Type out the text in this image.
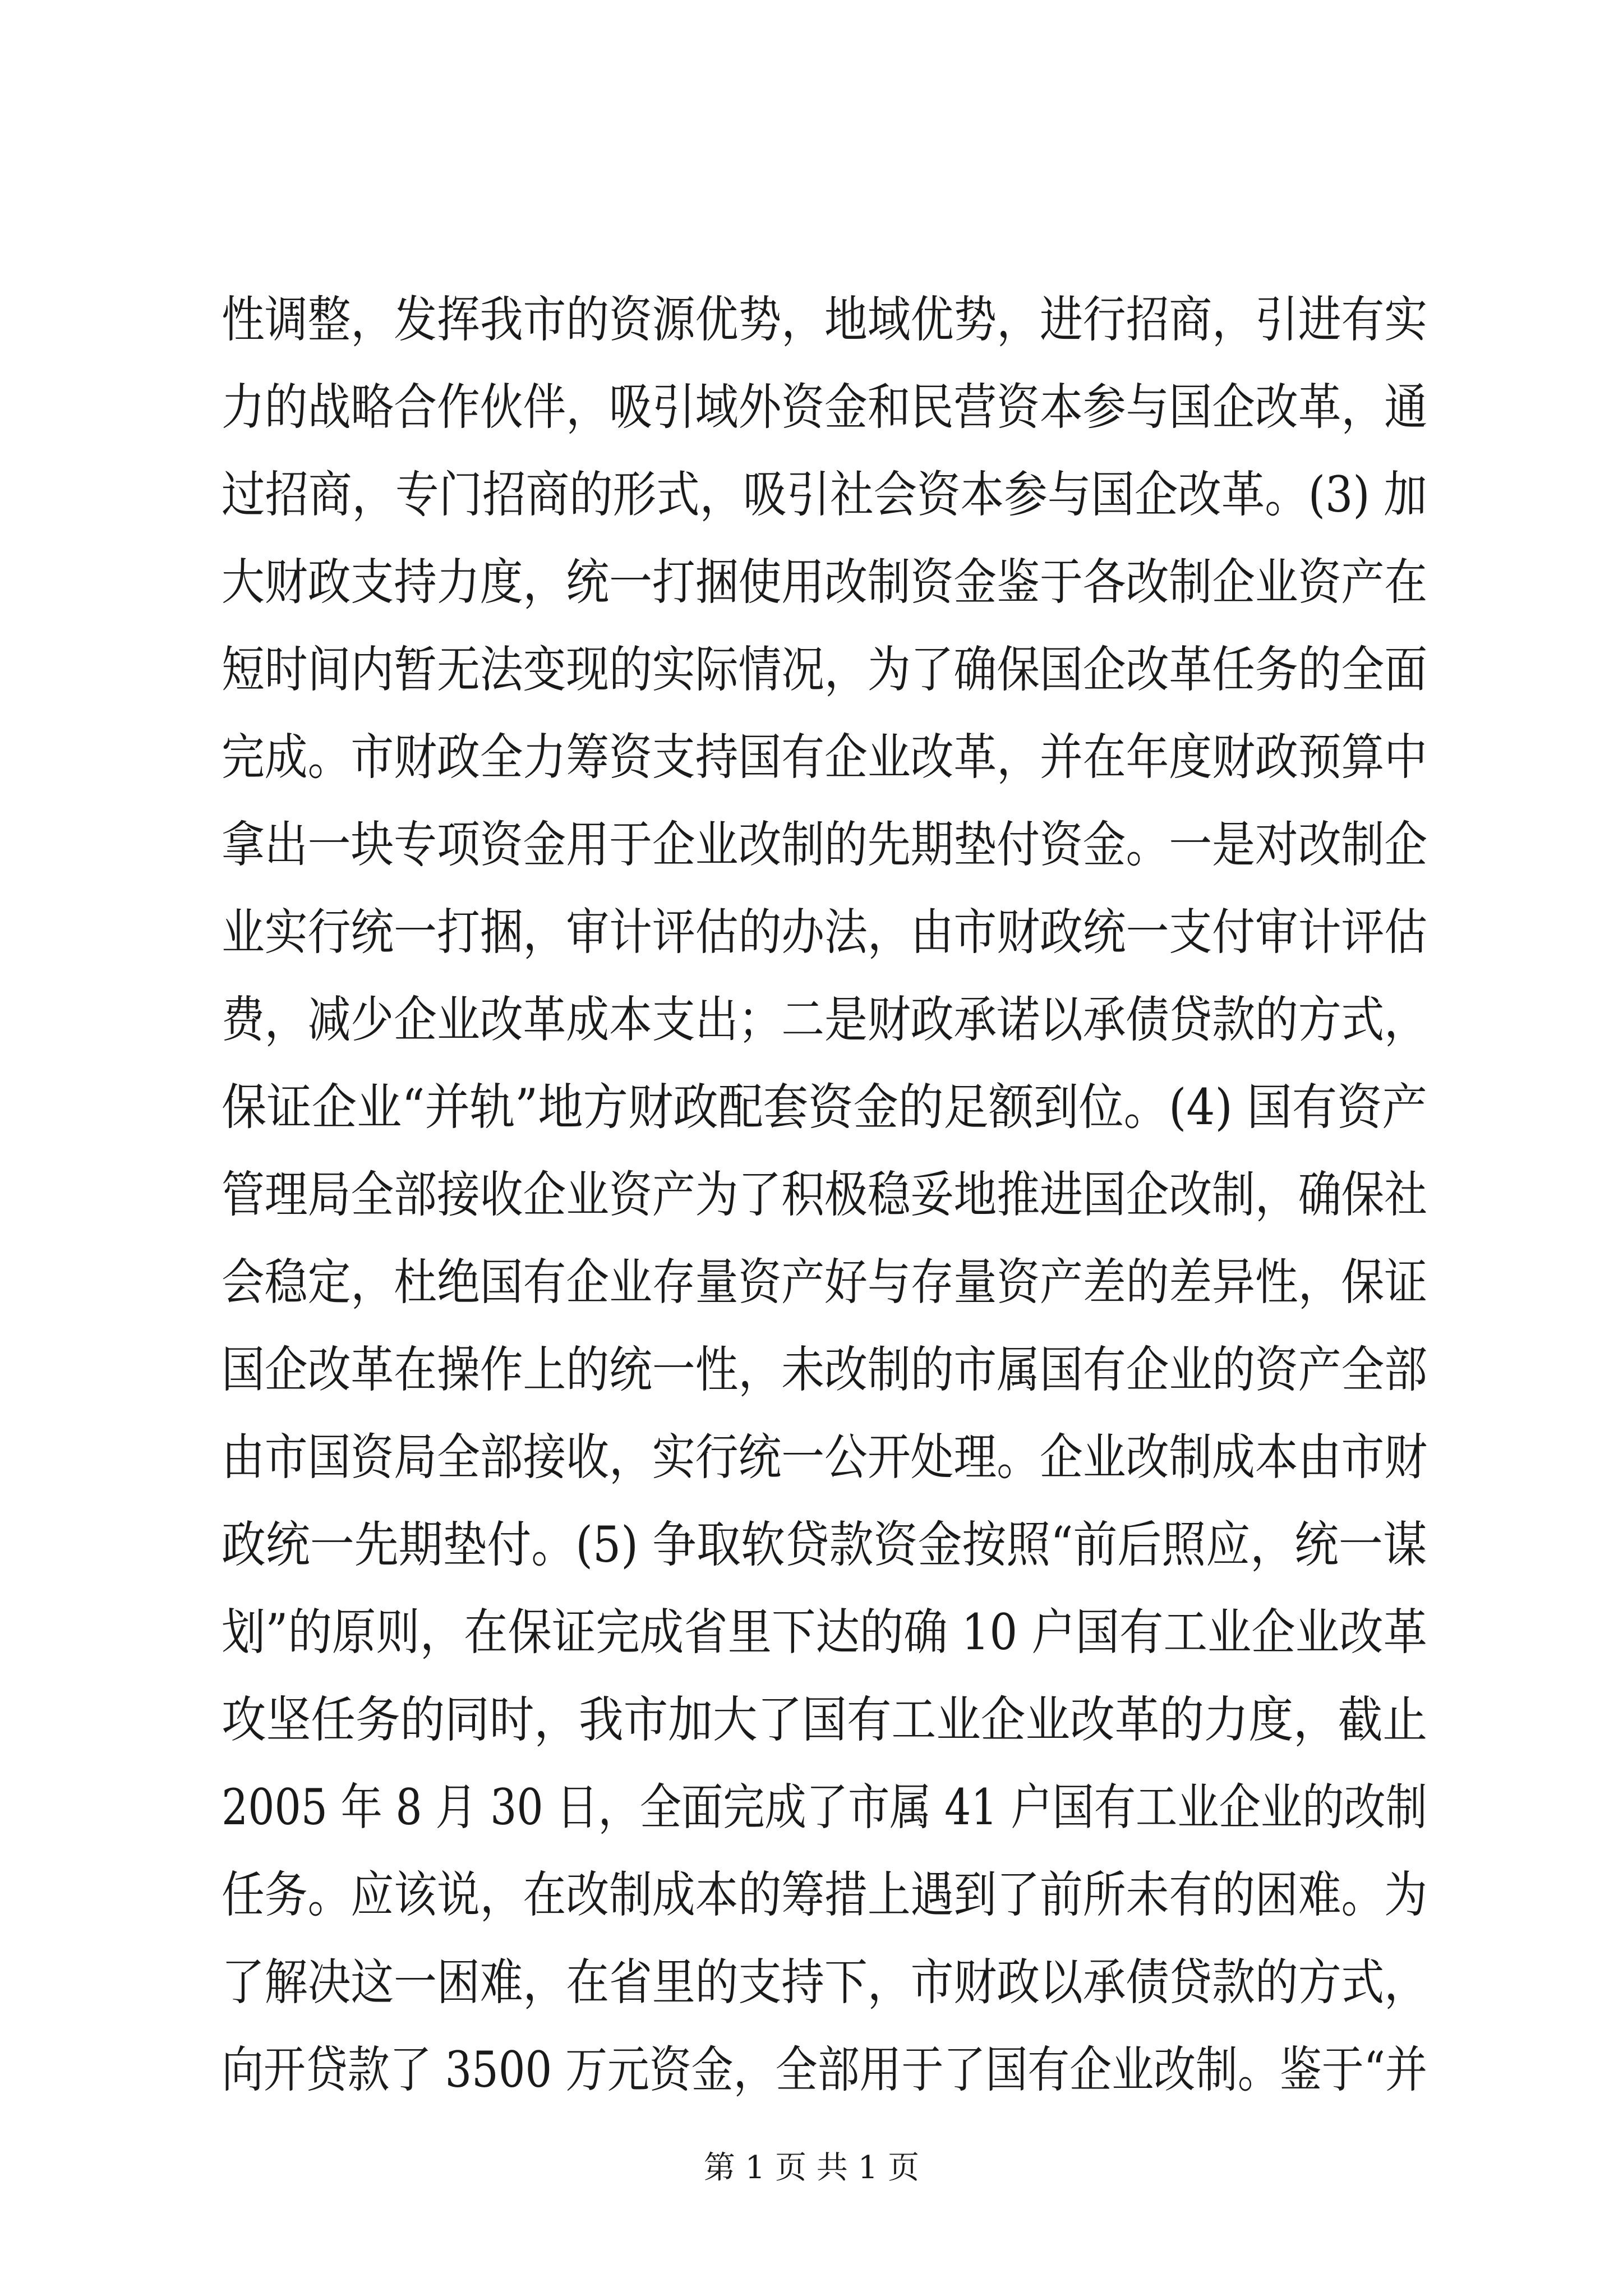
性调整，发挥我市的资源优势，地域优势，进行招商，引进有实
力的战略合作伙伴，吸引域外资金和民营资本参与国企改革，通
过招商，专门招商的形式，吸引社会资本参与国企改革。(3) 加
大财政支持力度，统一打捆使用改制资金鉴于各改制企业资产在
短时间内暂无法变现的实际情况，为了确保国企改革任务的全面
完成。市财政全力筹资支持国有企业改革，并在年度财政预算中
拿出一块专项资金用于企业改制的先期垫付资金。一是对改制企
业实行统一打捆，审计评估的办法，由市财政统一支付审计评估
费，减少企业改革成本支出；二是财政承诺以承债贷款的方式，
保证企业“并轨”地方财政配套资金的足额到位。(4) 国有资产
管理局全部接收企业资产为了积极稳妥地推进国企改制，确保社
会稳定，杜绝国有企业存量资产好与存量资产差的差异性，保证
国企改革在操作上的统一性，未改制的市属国有企业的资产全部
由市国资局全部接收，实行统一公开处理。企业改制成本由市财
政统一先期垫付。(5) 争取软贷款资金按照“前后照应，统一谋
划”的原则，在保证完成省里下达的确 10 户国有工业企业改革
攻坚任务的同时，我市加大了国有工业企业改革的力度，截止
2005 年 8 月 30 日，全面完成了市属 41 户国有工业企业的改制
任务。应该说，在改制成本的筹措上遇到了前所未有的困难。为
了解决这一困难，在省里的支持下，市财政以承债贷款的方式，
向开贷款了 3500 万元资金，全部用于了国有企业改制。鉴于“并
第 1 页 共 1 页
